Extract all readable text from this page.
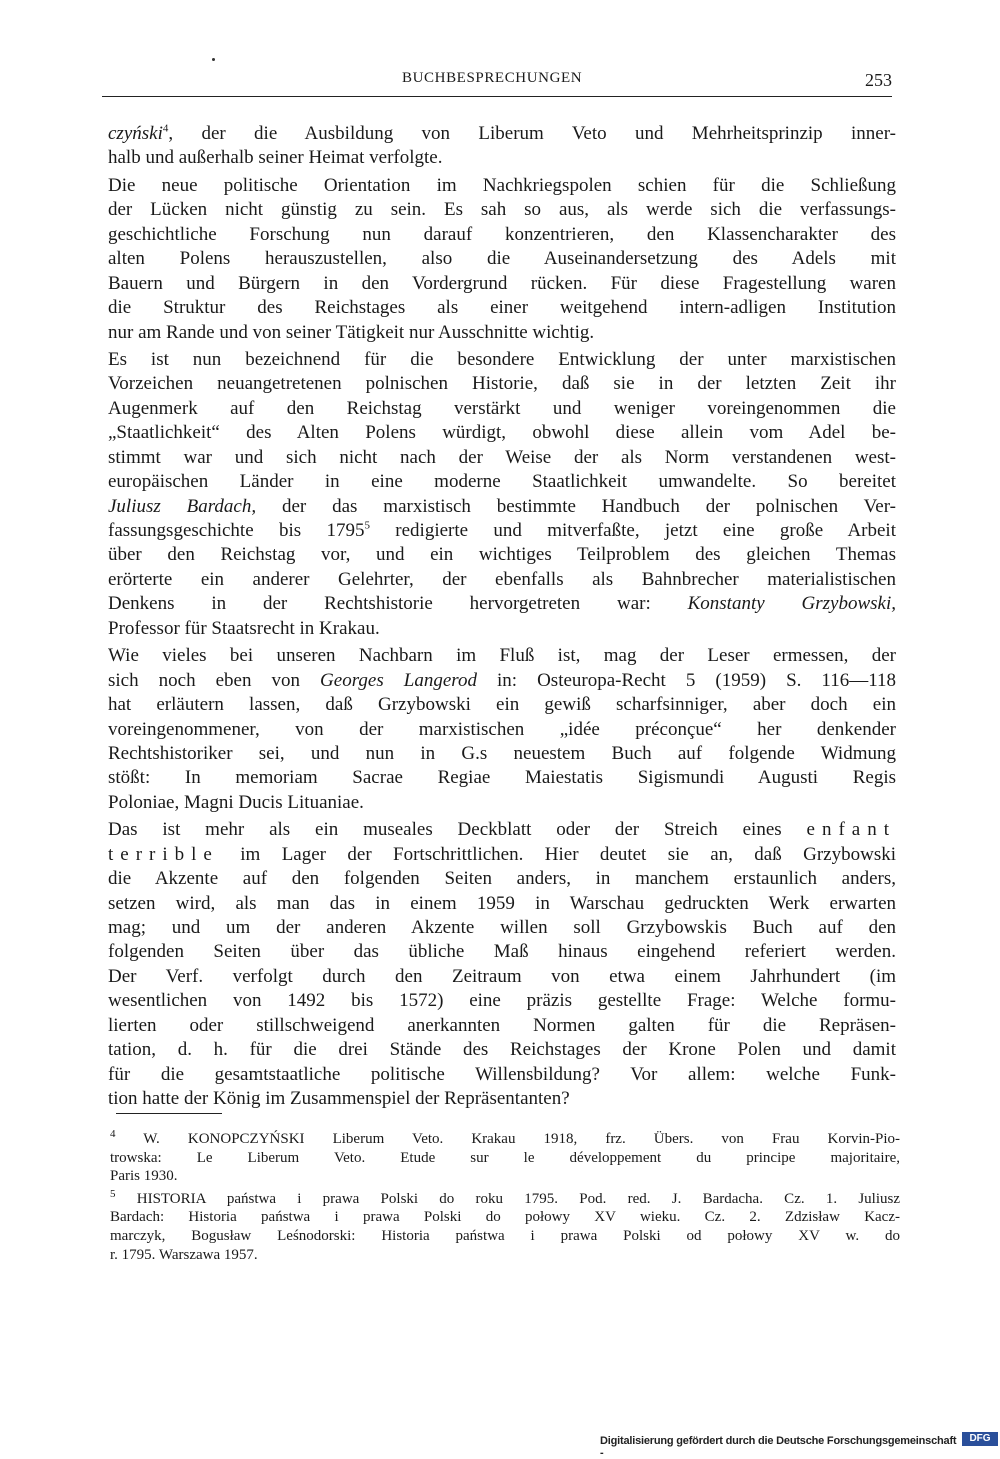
BUCHBESPRECHUNGEN	253

czyński$^4$, der die Ausbildung von Liberum Veto und Mehrheitsprinzip inner-
halb und außerhalb seiner Heimat verfolgte.

Die neue politische Orientation im Nachkriegspolen schien für die Schließung
der Lücken nicht günstig zu sein. Es sah so aus, als werde sich die verfassungs-
geschichtliche Forschung nun darauf konzentrieren, den Klassencharakter des
alten Polens herauszustellen, also die Auseinandersetzung des Adels mit
Bauern und Bürgern in den Vordergrund rücken. Für diese Fragestellung waren
die Struktur des Reichstages als einer weitgehend intern-adligen Institution
nur am Rande und von seiner Tätigkeit nur Ausschnitte wichtig.

Es ist nun bezeichnend für die besondere Entwicklung der unter marxistischen
Vorzeichen neuangetretenen polnischen Historie, daß sie in der letzten Zeit ihr
Augenmerk auf den Reichstag verstärkt und weniger voreingenommen die
„Staatlichkeit“ des Alten Polens würdigt, obwohl diese allein vom Adel be-
stimmt war und sich nicht nach der Weise der als Norm verstandenen west-
europäischen Länder in eine moderne Staatlichkeit umwandelte. So bereitet
Juliusz Bardach, der das marxistisch bestimmte Handbuch der polnischen Ver-
fassungsgeschichte bis 1795$^5$ redigierte und mitverfaßte, jetzt eine große Arbeit
über den Reichstag vor, und ein wichtiges Teilproblem des gleichen Themas
erörterte ein anderer Gelehrter, der ebenfalls als Bahnbrecher materialistischen
Denkens in der Rechtshistorie hervorgetreten war: Konstanty Grzybowski,
Professor für Staatsrecht in Krakau.

Wie vieles bei unseren Nachbarn im Fluß ist, mag der Leser ermessen, der
sich noch eben von Georges Langerod in: Osteuropa-Recht 5 (1959) S. 116—118
hat erläutern lassen, daß Grzybowski ein gewiß scharfsinniger, aber doch ein
voreingenommener, von der marxistischen „idée préconçue“ her denkender
Rechtshistoriker sei, und nun in G.s neuestem Buch auf folgende Widmung
stößt: In memoriam Sacrae Regiae Maiestatis Sigismundi Augusti Regis
Poloniae, Magni Ducis Lituaniae.

Das ist mehr als ein museales Deckblatt oder der Streich eines enfant
terrible im Lager der Fortschrittlichen. Hier deutet sie an, daß Grzybowski
die Akzente auf den folgenden Seiten anders, in manchem erstaunlich anders,
setzen wird, als man das in einem 1959 in Warschau gedruckten Werk erwarten
mag; und um der anderen Akzente willen soll Grzybowskis Buch auf den
folgenden Seiten über das übliche Maß hinaus eingehend referiert werden.
Der Verf. verfolgt durch den Zeitraum von etwa einem Jahrhundert (im
wesentlichen von 1492 bis 1572) eine präzis gestellte Frage: Welche formu-
lierten oder stillschweigend anerkannten Normen galten für die Repräsen-
tation, d. h. für die drei Stände des Reichstages der Krone Polen und damit
für die gesamtstaatliche politische Willensbildung? Vor allem: welche Funk-
tion hatte der König im Zusammenspiel der Repräsentanten?

$^4$ W. KONOPCZYŃSKI Liberum Veto. Krakau 1918, frz. Übers. von Frau Korvin-Pio-
trowska: Le Liberum Veto. Etude sur le développement du principe majoritaire,
Paris 1930.
$^5$ HISTORIA państwa i prawa Polski do roku 1795. Pod. red. J. Bardacha. Cz. 1. Juliusz
Bardach: Historia państwa i prawa Polski do połowy XV wieku. Cz. 2. Zdzisław Kacz-
marczyk, Bogusław Leśnodorski: Historia państwa i prawa Polski od połowy XV w. do
r. 1795. Warszawa 1957.
Digitalisierung gefördert durch die Deutsche Forschungsgemeinschaft -
DFG
